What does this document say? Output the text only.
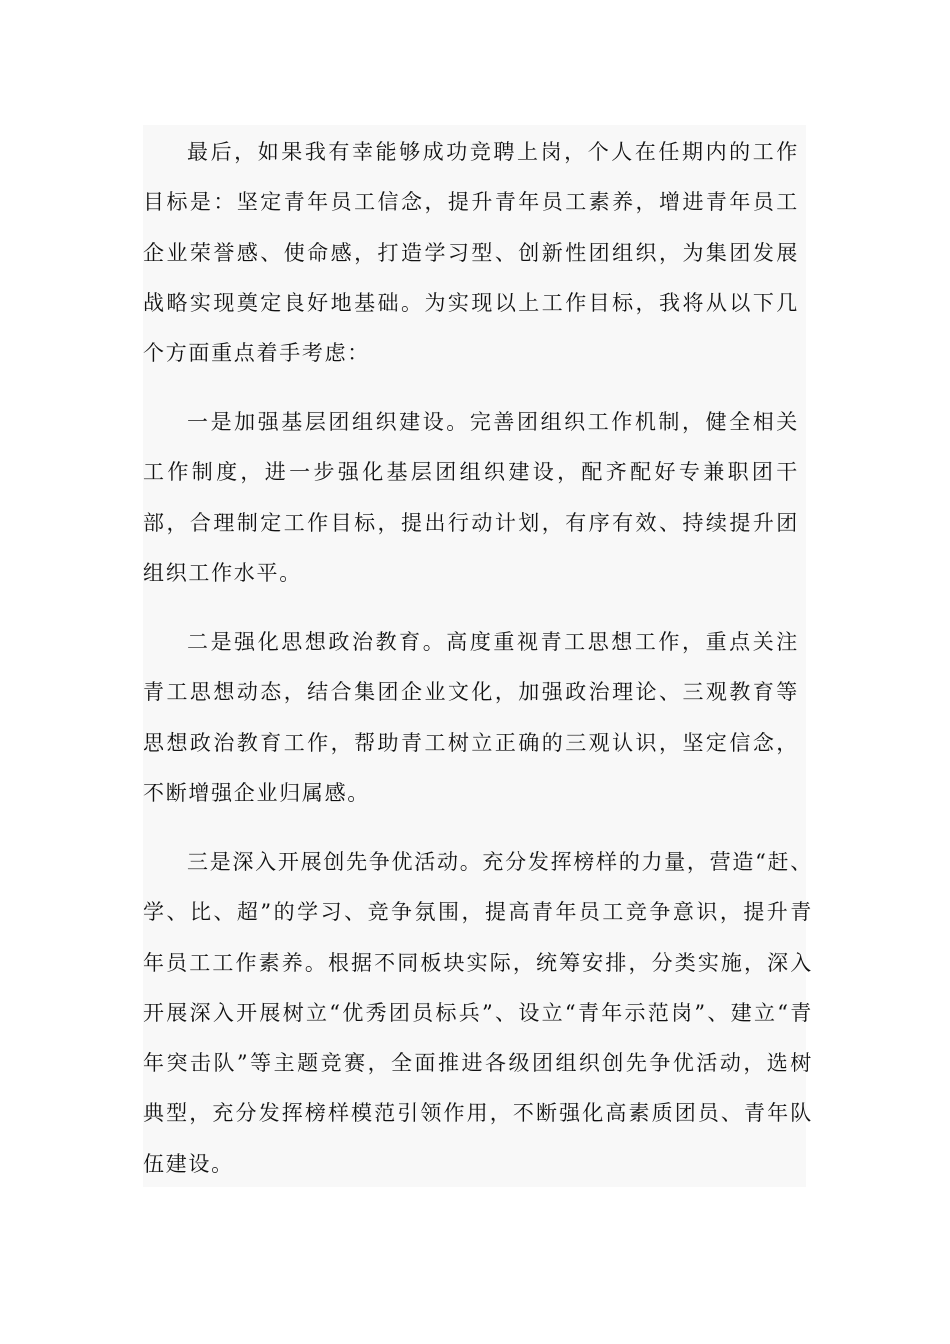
最后，如果我有幸能够成功竞聘上岗，个人在任期内的工作目标是：坚定青年员工信念，提升青年员工素养，增进青年员工企业荣誉感、使命感，打造学习型、创新性团组织，为集团发展战略实现奠定良好地基础。为实现以上工作目标，我将从以下几个方面重点着手考虑：

一是加强基层团组织建设。完善团组织工作机制，健全相关工作制度，进一步强化基层团组织建设，配齐配好专兼职团干部，合理制定工作目标，提出行动计划，有序有效、持续提升团组织工作水平。

二是强化思想政治教育。高度重视青工思想工作，重点关注青工思想动态，结合集团企业文化，加强政治理论、三观教育等思想政治教育工作，帮助青工树立正确的三观认识，坚定信念，不断增强企业归属感。

三是深入开展创先争优活动。充分发挥榜样的力量，营造“赶、学、比、超”的学习、竞争氛围，提高青年员工竞争意识，提升青年员工工作素养。根据不同板块实际，统筹安排，分类实施，深入开展深入开展树立“优秀团员标兵”、设立“青年示范岗”、建立“青年突击队”等主题竞赛，全面推进各级团组织创先争优活动，选树典型，充分发挥榜样模范引领作用，不断强化高素质团员、青年队伍建设。
